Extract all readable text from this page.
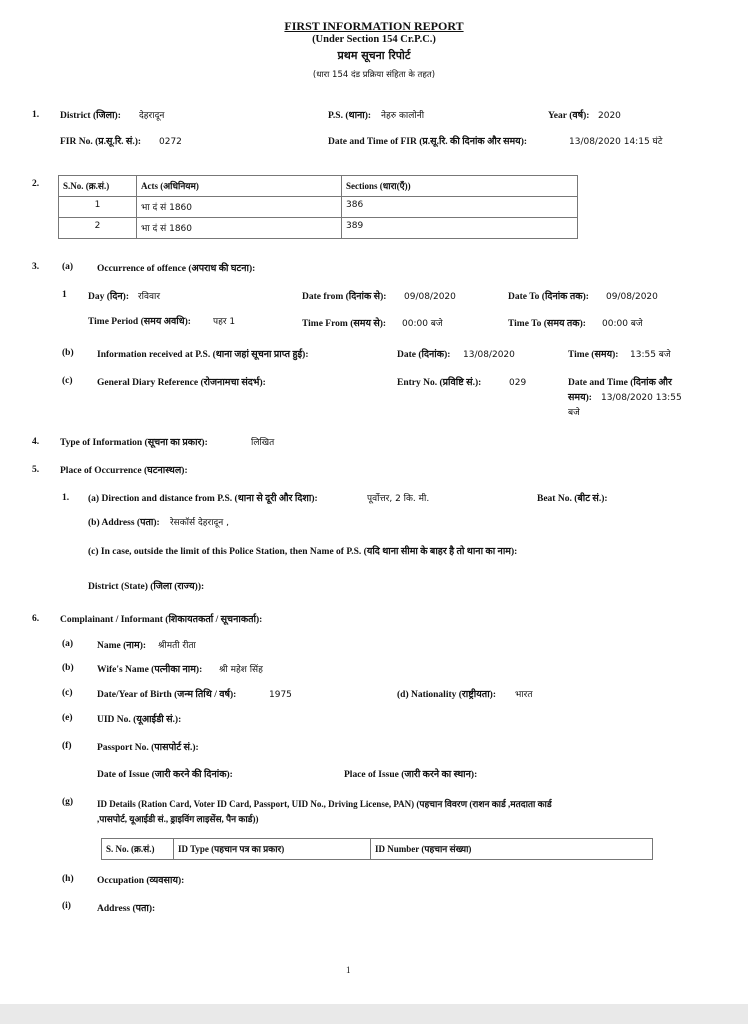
FIRST INFORMATION REPORT
(Under Section 154 Cr.P.C.)
प्रथम सूचना रिपोर्ट
(धारा 154 दंड प्रक्रिया संहिता के तहत)
1. District (जिला): देहरादून	P.S. (थाना): नेहरु कालोनी	Year (वर्ष): 2020
FIR No. (प्र.सू.रि. सं.): 0272	Date and Time of FIR (प्र.सू.रि. की दिनांक और समय):	13/08/2020 14:15 घंटे
2.	S.No. (क्र.सं.)	Acts (अधिनियम)	Sections (धारा(एँ))
1	भा दं सं 1860	386
2	भा दं सं 1860	389
3. (a)	Occurrence of offence (अपराध की घटना):
1 Day (दिन): रविवार	Date from (दिनांक से): 09/08/2020	Date To (दिनांक तक): 09/08/2020
Time Period (समय अवधि): पहर 1	Time From (समय से): 00:00 बजे	Time To (समय तक): 00:00 बजे
(b) Information received at P.S. (थाना जहां सूचना प्राप्त हुई):	Date (दिनांक): 13/08/2020	Time (समय): 13:55 बजे
(c)	General Diary Reference (रोजनामचा संदर्भ):	Entry No. (प्रविष्टि सं.):	029	Date and Time (दिनांक और
समय): 13/08/2020 13:55
बजे
4. Type of Information (सूचना का प्रकार):	लिखित
5. Place of Occurrence (घटनास्थल):
1. (a) Direction and distance from P.S. (थाना से दूरी और दिशा):	पूर्वोत्तर, 2 कि. मी.	Beat No. (बीट सं.):
(b) Address (पता): रेसकॉर्स देहरादून ,
(c) In case, outside the limit of this Police Station, then Name of P.S. (यदि थाना सीमा के बाहर है तो थाना का नाम):
District (State) (जिला (राज्य)):
6. Complainant / Informant (शिकायतकर्ता / सूचनाकर्ता):
(a)	Name (नाम): श्रीमती रीता
(b) Wife's Name (पत्नीका नाम): श्री महेश सिंह
(c)	Date/Year of Birth (जन्म तिथि / वर्ष):	1975	(d) Nationality (राष्ट्रीयता): भारत
(e)	UID No. (यूआईडी सं.):
(f)	Passport No. (पासपोर्ट सं.):
Date of Issue (जारी करने की दिनांक):	Place of Issue (जारी करने का स्थान):
(g)	ID Details (Ration Card, Voter ID Card, Passport, UID No., Driving License, PAN) (पहचान विवरण (राशन कार्ड ,मतदाता कार्ड
,पासपोर्ट, यूआईडी सं., ड्राइविंग लाइसेंस, पैन कार्ड))
S. No. (क्र.सं.)	ID Type (पहचान पत्र का प्रकार)	ID Number (पहचान संख्या)
(h) Occupation (व्यवसाय):
(i)	Address (पता):
1
